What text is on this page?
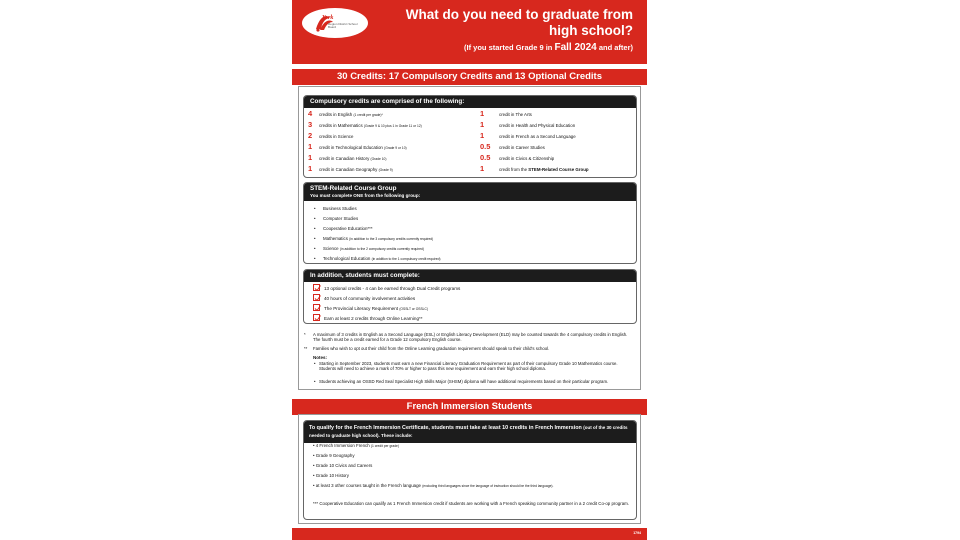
York
Region District School Board
What do you need to graduate from high school?
(If you started Grade 9 in Fall 2024 and after)
30 Credits: 17 Compulsory Credits and 13 Optional Credits
Compulsory credits are comprised of the following:
4 credits in English (1 credit per grade)*
3 credits in Mathematics (Grade 9 & 10 plus 1 in Grade 11 or 12)
2 credits in Science
1 credit in Technological Education (Grade 9 or 10)
1 credit in Canadian History (Grade 10)
1 credit in Canadian Geography (Grade 9)
1	credit in The Arts
1	credit in Health and Physical Education
1	credit in French as a Second Language
0.5 credit in Career Studies
0.5 credit in Civics & Citizenship
1	credit from the STEM-Related Course Group
STEM-Related Course Group
You must complete ONE from the following group:
• Business Studies
• Computer Studies
• Cooperative Education***
• Mathematics (in addition to the 3 compulsory credits currently required)
• Science (in addition to the 2 compulsory credits currently required)
• Technological Education (in addition to the 1 compulsory credit required)
In addition, students must complete:
13 optional credits - 4 can be earned through Dual Credit programs
40 hours of community involvement activities
The Provincial Literacy Requirement (OSSLT or OSSLC)
Earn at least 2 credits through Online Learning**
* A maximum of 3 credits in English as a Second Language (ESL) or English Literacy Development (ELD) may be counted towards the 4 compulsory credits in English. The fourth must be a credit earned for a Grade 12 compulsory English course.
** Families who wish to opt out their child from the Online Learning graduation requirement should speak to their child's school.
Notes:
• Starting in September 2023, students must earn a new Financial Literacy Graduation Requirement as part of their compulsory Grade 10 Mathematics course. Students will need to achieve a mark of 70% or higher to pass this new requirement and earn their high school diploma.
• Students achieving an OSSD Red Seal Specialist High Skills Major (SHSM) diploma will have additional requirements based on their particular program.
French Immersion Students
To qualify for the French Immersion Certificate, students must take at least 10 credits in French Immersion (out of the 30 credits needed to graduate high school). These include:
• 4 French Immersion French (1 credit per grade)
• Grade 9 Geography
• Grade 10 Civics and Careers
• Grade 10 History
• at least 3 other courses taught in the French language (excluding third languages since the language of instruction should be the third language).
*** Cooperative Education can qualify as 1 French Immersion credit if students are working with a French speaking community partner in a 2 credit Co-op program.
1794
